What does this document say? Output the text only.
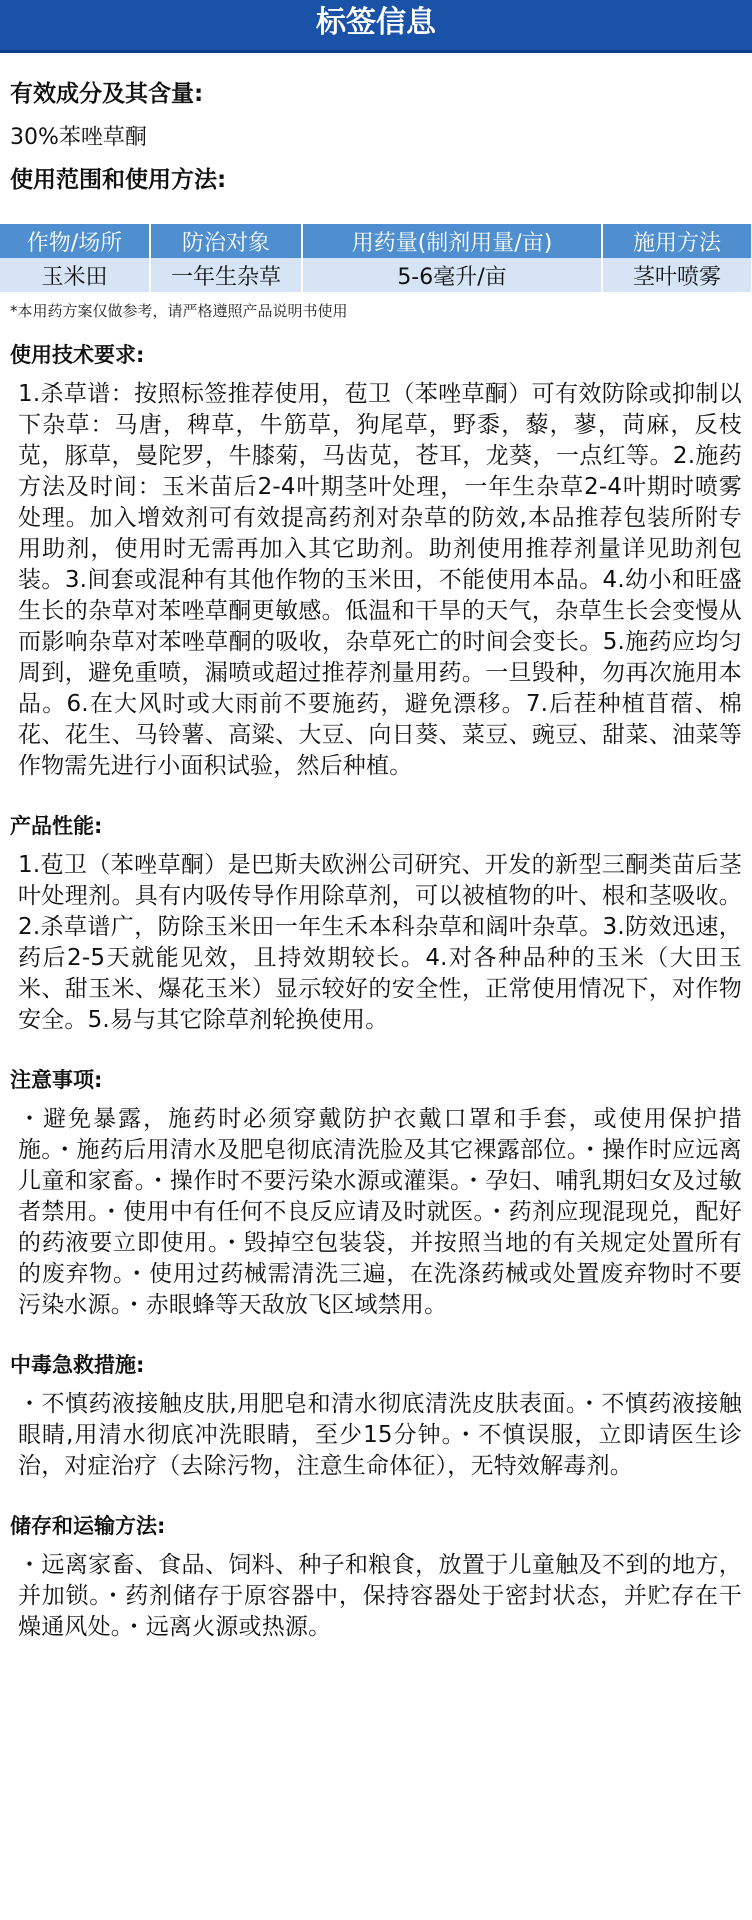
标签信息
有效成分及其含量:
30%苯唑草酮
使用范围和使用方法:
作物/场所	防治对象	用药量(制剂用量/亩)	施用方法
玉米田	一年生杂草	5-6毫升/亩	茎叶喷雾
*本用药方案仅做参考，请严格遵照产品说明书使用
使用技术要求:
1.杀草谱：按照标签推荐使用，苞卫（苯唑草酮）可有效防除或抑制以下杂草：马唐，稗草，牛筋草，狗尾草，野黍，藜，蓼，苘麻，反枝苋，豚草，曼陀罗，牛膝菊，马齿苋，苍耳，龙葵，一点红等。2.施药方法及时间：玉米苗后2-4叶期茎叶处理，一年生杂草2-4叶期时喷雾处理。加入增效剂可有效提高药剂对杂草的防效,本品推荐包装所附专用助剂，使用时无需再加入其它助剂。助剂使用推荐剂量详见助剂包装。3.间套或混种有其他作物的玉米田，不能使用本品。4.幼小和旺盛生长的杂草对苯唑草酮更敏感。低温和干旱的天气，杂草生长会变慢从而影响杂草对苯唑草酮的吸收，杂草死亡的时间会变长。5.施药应均匀周到，避免重喷，漏喷或超过推荐剂量用药。一旦毁种，勿再次施用本品。6.在大风时或大雨前不要施药，避免漂移。7.后茬种植苜蓿、棉花、花生、马铃薯、高粱、大豆、向日葵、菜豆、豌豆、甜菜、油菜等作物需先进行小面积试验，然后种植。
产品性能:
1.苞卫（苯唑草酮）是巴斯夫欧洲公司研究、开发的新型三酮类苗后茎叶处理剂。具有内吸传导作用除草剂，可以被植物的叶、根和茎吸收。2.杀草谱广，防除玉米田一年生禾本科杂草和阔叶杂草。3.防效迅速，药后2-5天就能见效，且持效期较长。4.对各种品种的玉米（大田玉米、甜玉米、爆花玉米）显示较好的安全性，正常使用情况下，对作物安全。5.易与其它除草剂轮换使用。
注意事项:
・避免暴露，施药时必须穿戴防护衣戴口罩和手套，或使用保护措施。・施药后用清水及肥皂彻底清洗脸及其它裸露部位。・操作时应远离儿童和家畜。・操作时不要污染水源或灌渠。・孕妇、哺乳期妇女及过敏者禁用。・使用中有任何不良反应请及时就医。・药剂应现混现兑，配好的药液要立即使用。・毁掉空包装袋，并按照当地的有关规定处置所有的废弃物。・使用过药械需清洗三遍，在洗涤药械或处置废弃物时不要污染水源。・赤眼蜂等天敌放飞区域禁用。
中毒急救措施:
・不慎药液接触皮肤,用肥皂和清水彻底清洗皮肤表面。・不慎药液接触眼睛,用清水彻底冲洗眼睛，至少15分钟。・不慎误服，立即请医生诊治，对症治疗（去除污物，注意生命体征），无特效解毒剂。
储存和运输方法:
・远离家畜、食品、饲料、种子和粮食，放置于儿童触及不到的地方，并加锁。・药剂储存于原容器中，保持容器处于密封状态，并贮存在干燥通风处。・远离火源或热源。
